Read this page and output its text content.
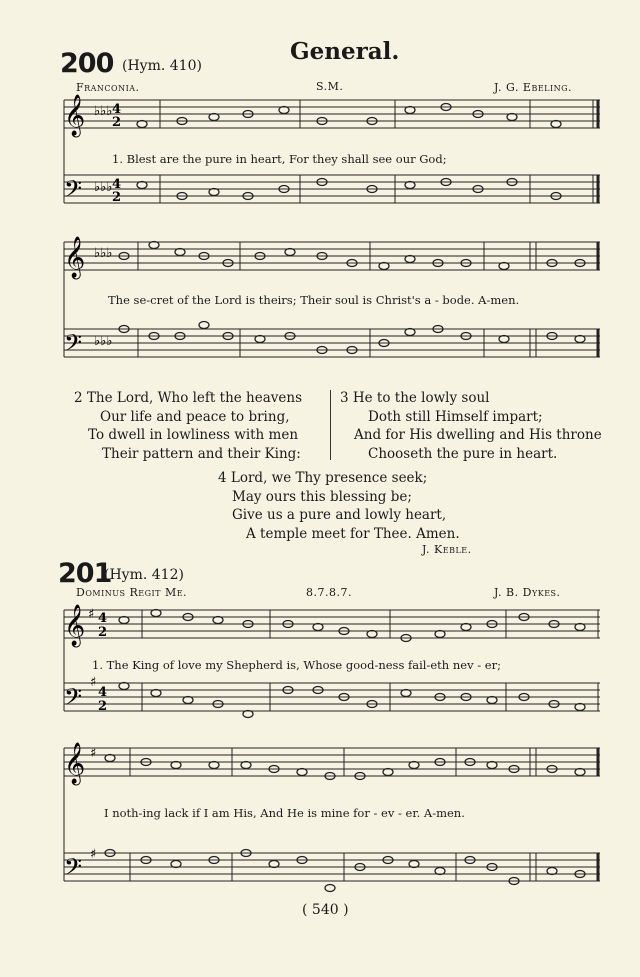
General.
200 (Hym. 410)
Franconia.	S.M.	J. G. Ebeling.
𝄞
𝄢
♭♭♭
♭♭♭
4
2
4
2
1. Blest are the pure in heart, For they shall see our God;
𝄞
𝄢
♭♭♭
♭♭♭
The se-cret of the Lord is theirs; Their soul is Christ's a - bode. A-men.
2 The Lord, Who left the heavens
Our life and peace to bring,
To dwell in lowliness with men
Their pattern and their King:
3 He to the lowly soul
Doth still Himself impart;
And for His dwelling and His throne
Chooseth the pure in heart.
4 Lord, we Thy presence seek;
May ours this blessing be;
Give us a pure and lowly heart,
A temple meet for Thee. Amen.
J. Keble.
201
(Hym. 412)
Dominus Regit Me.	8.7.8.7.	J. B. Dykes.
𝄞
𝄢
♯
♯
4
2
4
2
1. The King of love my Shepherd is, Whose good-ness fail-eth nev - er;
𝄞
𝄢
♯
♯
I noth-ing lack if I am His, And He is mine for - ev - er. A-men.
( 540 )
